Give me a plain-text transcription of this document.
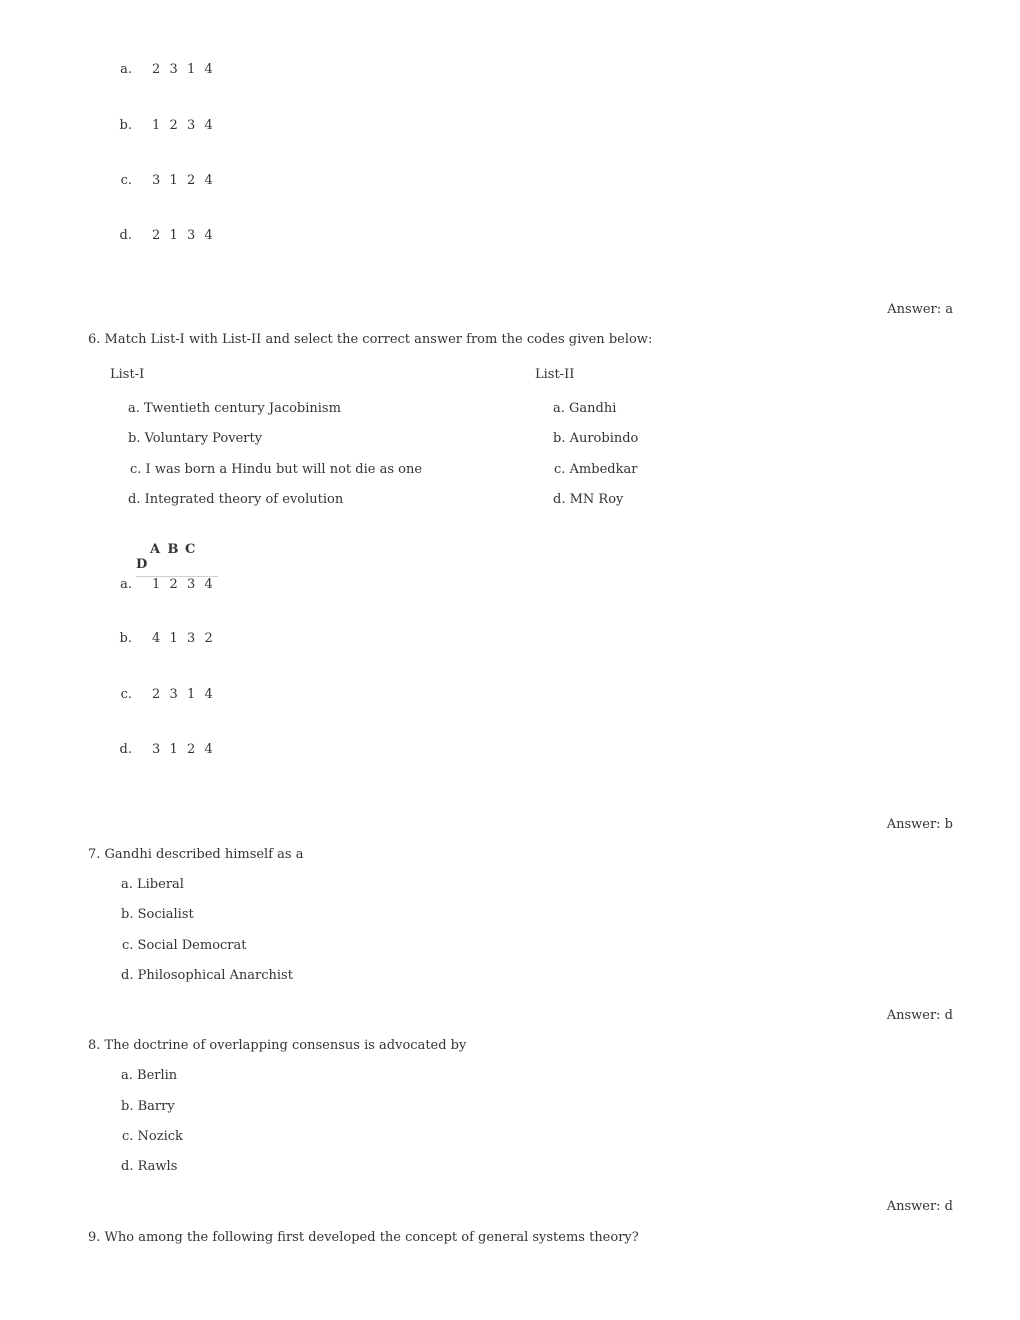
a. 2 3 1 4
b. 1 2 3 4
c. 3 1 2 4
d. 2 1 3 4
Answer: a
6. Match List-I with List-II and select the correct answer from the codes given below:
List-I	List-II
a. Twentieth century Jacobinism
b. Voluntary Poverty
c. I was born a Hindu but will not die as one
d. Integrated theory of evolution
a. Gandhi
b. Aurobindo
c. Ambedkar
d. MN Roy
A B CD
a. 1 2 3 4
b. 4 1 3 2
c. 2 3 1 4
d. 3 1 2 4
Answer: b
7. Gandhi described himself as a
a. Liberal
b. Socialist
c. Social Democrat
d. Philosophical Anarchist
Answer: d
8. The doctrine of overlapping consensus is advocated by
a. Berlin
b. Barry
c. Nozick
d. Rawls
Answer: d
9. Who among the following first developed the concept of general systems theory?
